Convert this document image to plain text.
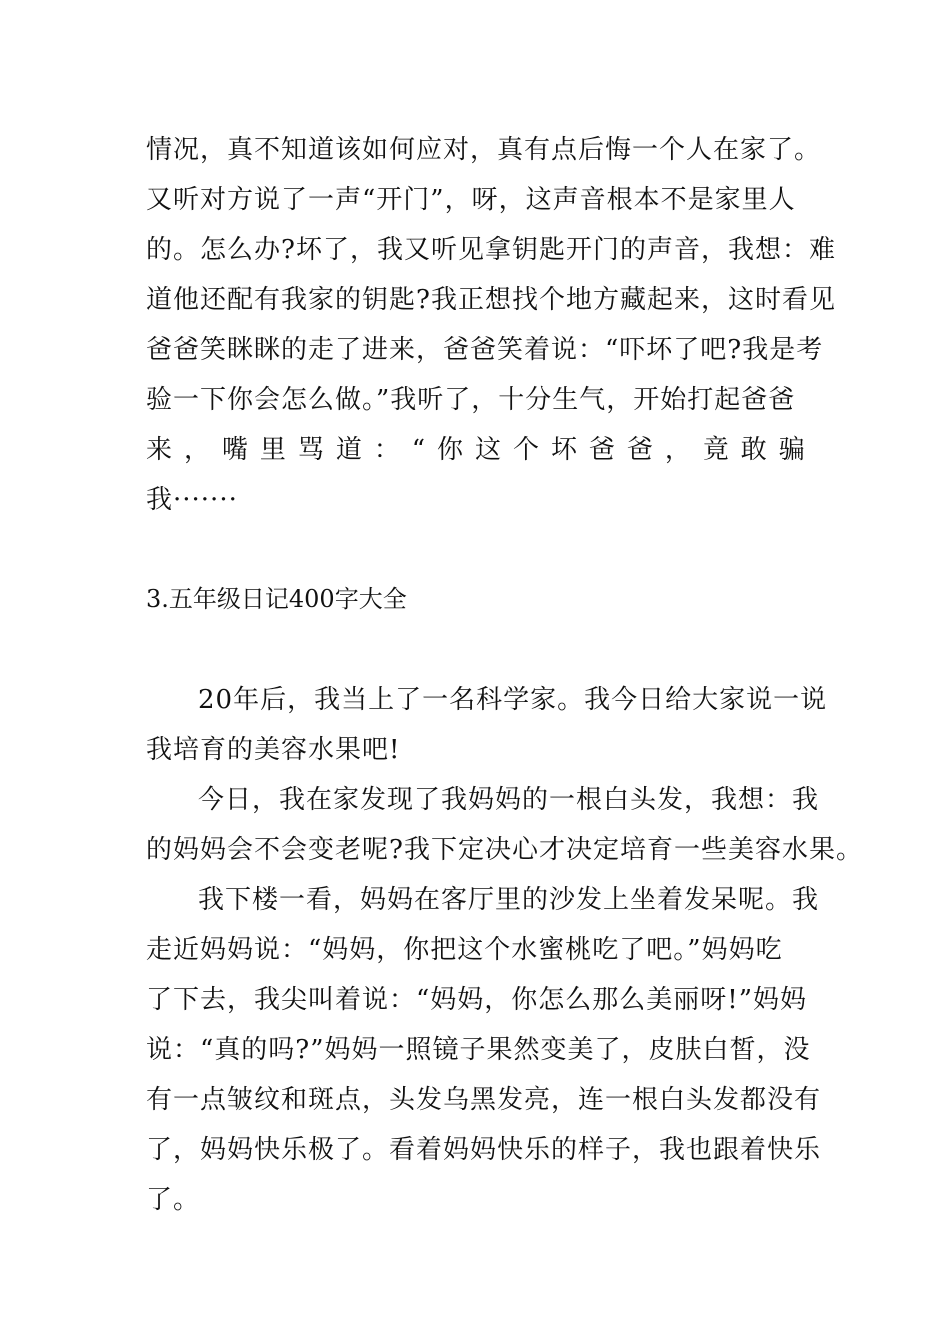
情况，真不知道该如何应对，真有点后悔一个人在家了。
又听对方说了一声“开门”，呀，这声音根本不是家里人
的。怎么办?坏了，我又听见拿钥匙开门的声音，我想：难
道他还配有我家的钥匙?我正想找个地方藏起来，这时看见
爸爸笑眯眯的走了进来，爸爸笑着说：“吓坏了吧?我是考
验一下你会怎么做。”我听了，十分生气，开始打起爸爸
来 ， 嘴 里 骂 道 ： “ 你 这 个 坏 爸 爸 ， 竟 敢 骗
我·······
3.五年级日记400字大全
20年后，我当上了一名科学家。我今日给大家说一说
我培育的美容水果吧!
今日，我在家发现了我妈妈的一根白头发，我想：我
的妈妈会不会变老呢?我下定决心才决定培育一些美容水果。
我下楼一看，妈妈在客厅里的沙发上坐着发呆呢。我
走近妈妈说：“妈妈，你把这个水蜜桃吃了吧。”妈妈吃
了下去，我尖叫着说：“妈妈，你怎么那么美丽呀!”妈妈
说：“真的吗?”妈妈一照镜子果然变美了，皮肤白皙，没
有一点皱纹和斑点，头发乌黑发亮，连一根白头发都没有
了，妈妈快乐极了。看着妈妈快乐的样子，我也跟着快乐
了。
